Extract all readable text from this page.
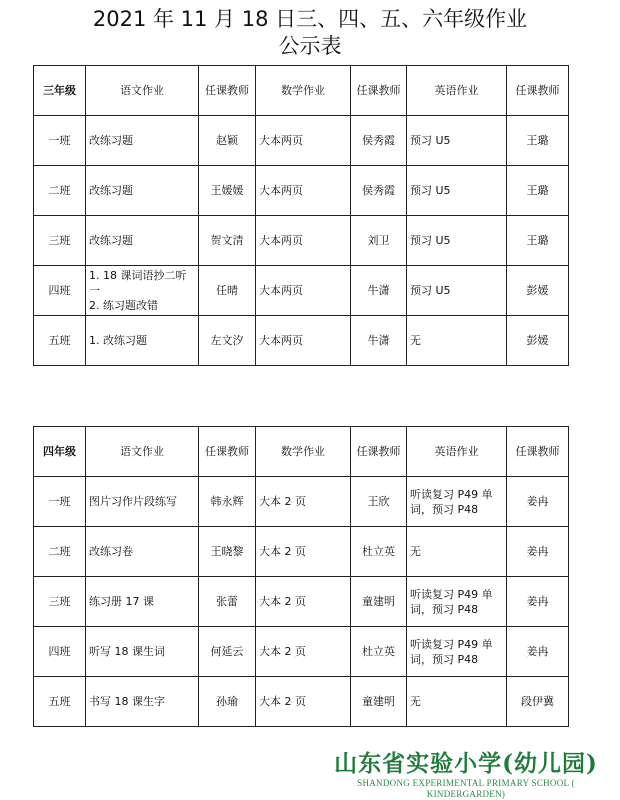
2021 年 11 月 18 日三、四、五、六年级作业
公示表
三年级	语文作业	任课教师	数学作业	任课教师	英语作业	任课教师
一班	改练习题	赵颖	大本两页	侯秀霞	预习 U5	王璐
二班	改练习题	王媛媛	大本两页	侯秀霞	预习 U5	王璐
三班	改练习题	贺文清	大本两页	刘卫	预习 U5	王璐
四班	1. 18 课词语抄二听一
2. 练习题改错	任晴	大本两页	牛潇	预习 U5	彭媛
五班	1. 改练习题	左文汐	大本两页	牛潇	无	彭媛
四年级	语文作业	任课教师	数学作业	任课教师	英语作业	任课教师
一班	图片习作片段练写	韩永辉	大本 2 页	王欣	听读复习 P49 单词，预习 P48	姜冉
二班	改练习卷	王晓黎	大本 2 页	杜立英	无	姜冉
三班	练习册 17 课	张蕾	大本 2 页	童建明	听读复习 P49 单词，预习 P48	姜冉
四班	听写 18 课生词	何延云	大本 2 页	杜立英	听读复习 P49 单词，预习 P48	姜冉
五班	书写 18 课生字	孙瑜	大本 2 页	童建明	无	段伊冀
山东省实验小学(幼儿园)
SHANDONG EXPERIMENTAL PRIMARY SCHOOL ( KINDERGARDEN)
